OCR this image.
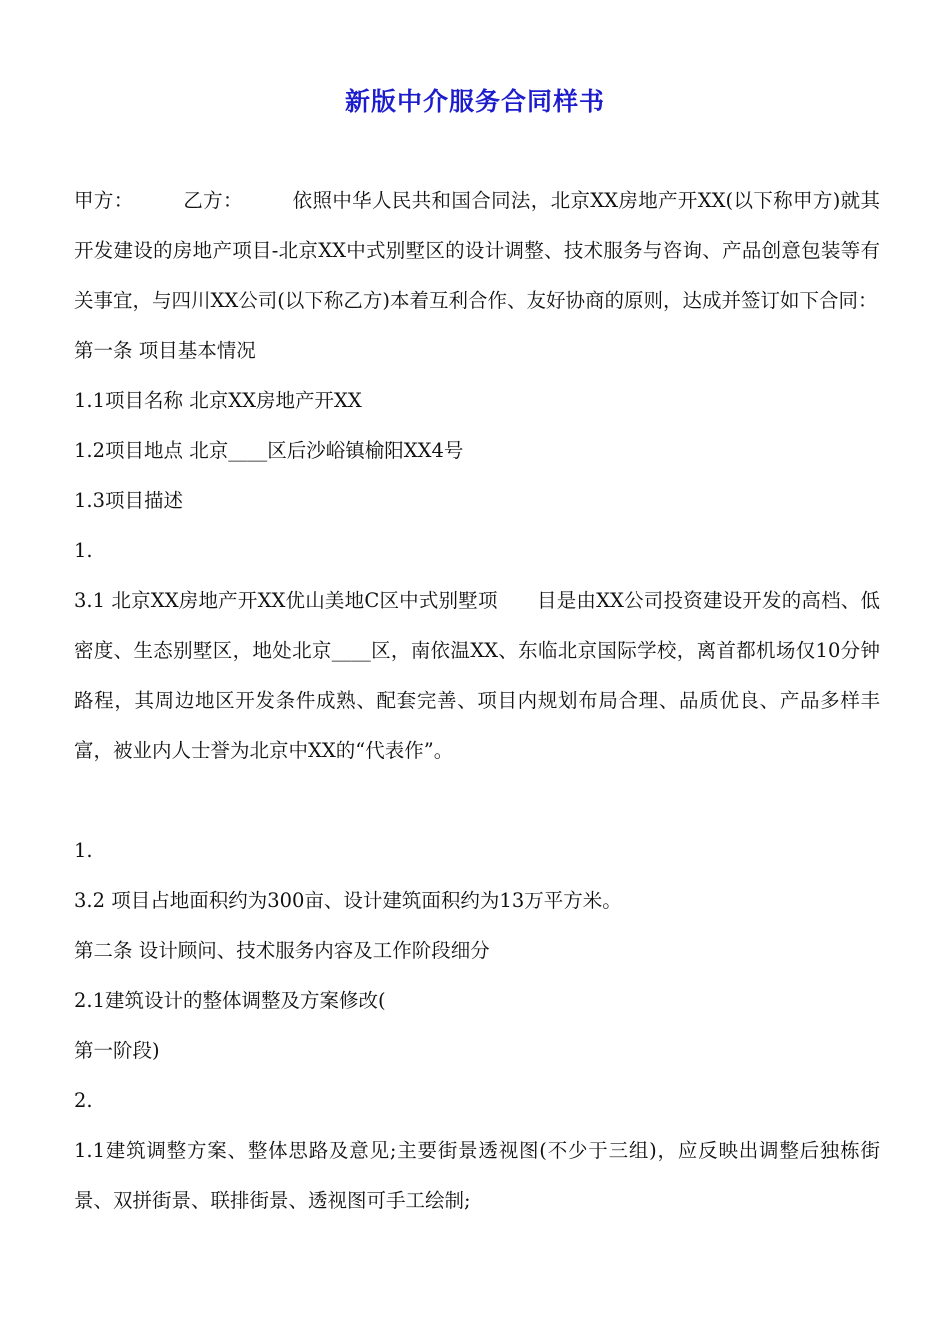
新版中介服务合同样书

甲方：　　　乙方：　　　依照中华人民共和国合同法，北京XX房地产开XX(以下称甲方)就其开发建设的房地产项目-北京XX中式别墅区的设计调整、技术服务与咨询、产品创意包装等有关事宜，与四川XX公司(以下称乙方)本着互利合作、友好协商的原则，达成并签订如下合同：

第一条 项目基本情况

1.1项目名称 北京XX房地产开XX

1.2项目地点 北京____区后沙峪镇榆阳XX4号

1.3项目描述

1.

3.1 北京XX房地产开XX优山美地C区中式别墅项　　目是由XX公司投资建设开发的高档、低密度、生态别墅区，地处北京____区，南依温XX、东临北京国际学校，离首都机场仅10分钟路程，其周边地区开发条件成熟、配套完善、项目内规划布局合理、品质优良、产品多样丰富，被业内人士誉为北京中XX的“代表作”。

1.

3.2 项目占地面积约为300亩、设计建筑面积约为13万平方米。

第二条 设计顾问、技术服务内容及工作阶段细分

2.1建筑设计的整体调整及方案修改(

第一阶段)

2.

1.1建筑调整方案、整体思路及意见;主要街景透视图(不少于三组)，应反映出调整后独栋街景、双拼街景、联排街景、透视图可手工绘制;
